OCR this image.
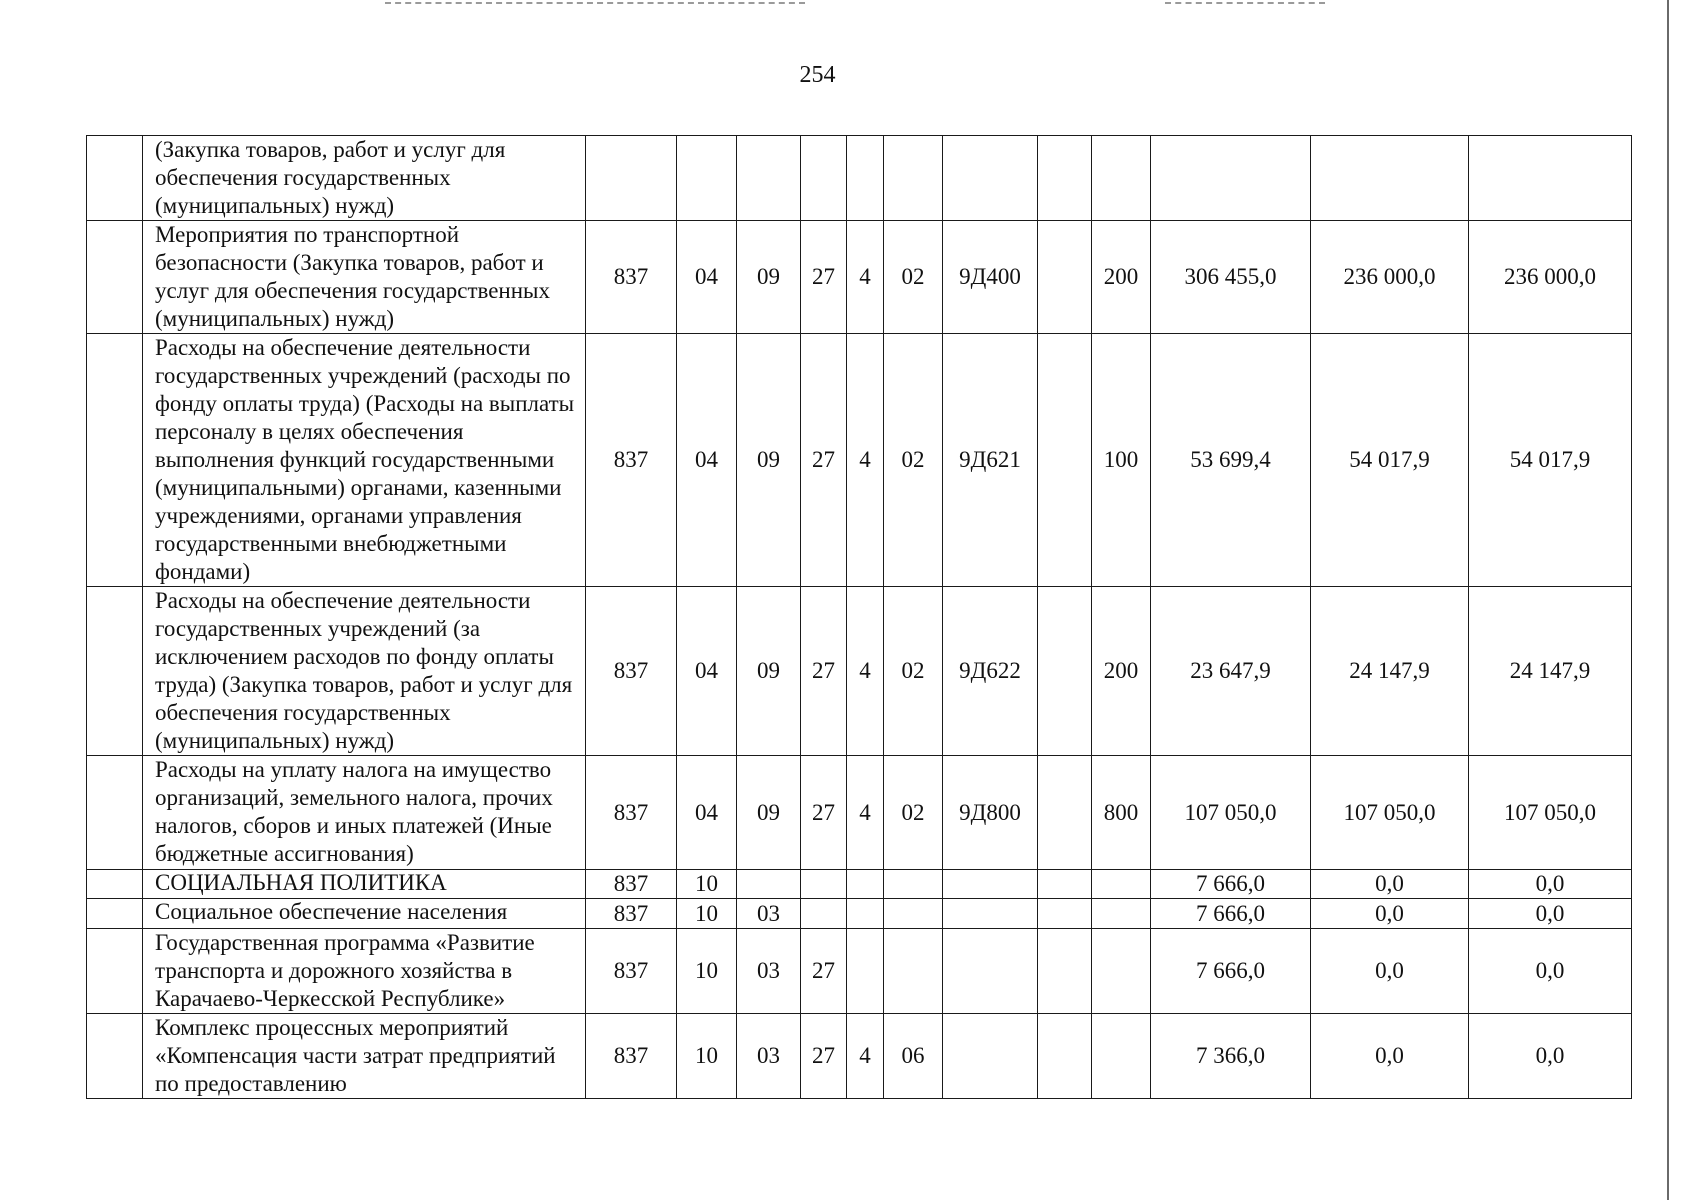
254
	(Закупка товаров, работ и услуг для обеспечения государственных (муниципальных) нужд)												
	Мероприятия по транспортной безопасности (Закупка товаров, работ и услуг для обеспечения государственных (муниципальных) нужд)	837	04	09	27	4	02	9Д400		200	306 455,0	236 000,0	236 000,0
	Расходы на обеспечение деятельности государственных учреждений (расходы по фонду оплаты труда) (Расходы на выплаты персоналу в целях обеспечения выполнения функций государственными (муниципальными) органами, казенными учреждениями, органами управления государственными внебюджетными фондами)	837	04	09	27	4	02	9Д621		100	53 699,4	54 017,9	54 017,9
	Расходы на обеспечение деятельности государственных учреждений (за исключением расходов по фонду оплаты труда) (Закупка товаров, работ и услуг для обеспечения государственных (муниципальных) нужд)	837	04	09	27	4	02	9Д622		200	23 647,9	24 147,9	24 147,9
	Расходы на уплату налога на имущество организаций, земельного налога, прочих налогов, сборов и иных платежей (Иные бюджетные ассигнования)	837	04	09	27	4	02	9Д800		800	107 050,0	107 050,0	107 050,0
	СОЦИАЛЬНАЯ ПОЛИТИКА	837	10								7 666,0	0,0	0,0
	Социальное обеспечение населения	837	10	03							7 666,0	0,0	0,0
	Государственная программа «Развитие транспорта и дорожного хозяйства в Карачаево-Черкесской Республике»	837	10	03	27						7 666,0	0,0	0,0
	Комплекс процессных мероприятий «Компенсация части затрат предприятий по предоставлению	837	10	03	27	4	06				7 366,0	0,0	0,0
